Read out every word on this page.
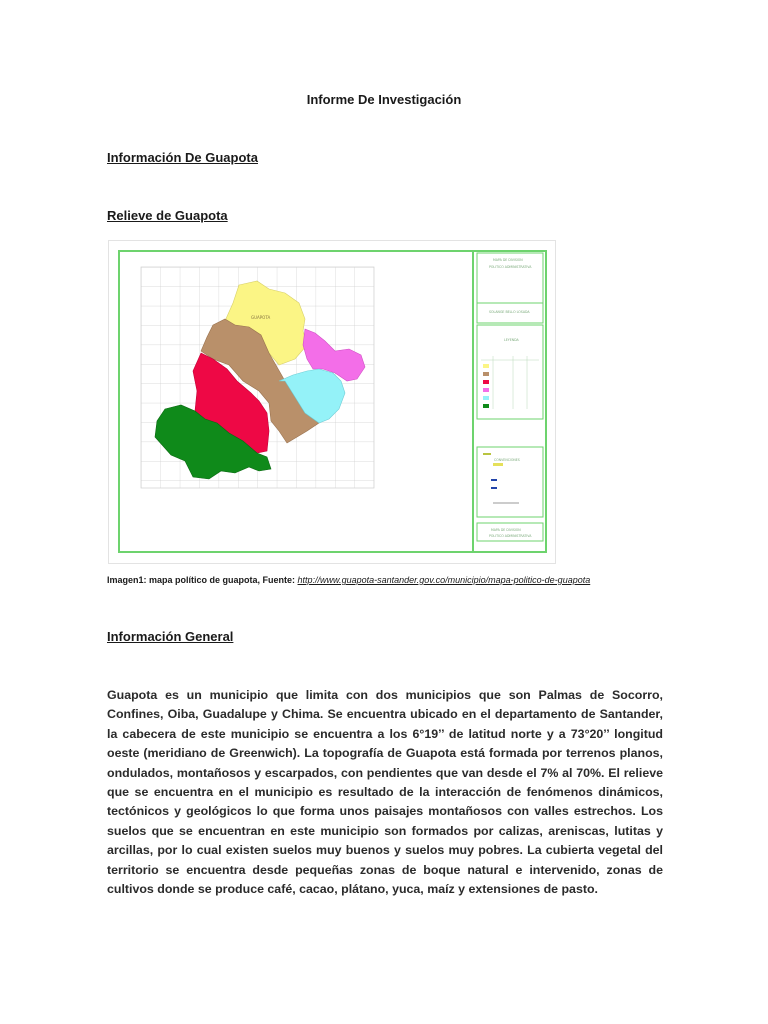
Informe De Investigación
Información De Guapota
Relieve de Guapota
GUAPOTA
MAPA DE DIVISION
POLITICO ADMINISTRATIVA
SOLANGE BELLO LOSADA
LEYENDA
CONVENCIONES
MAPA DE DIVISION
POLITICO ADMINISTRATIVA
Imagen1: mapa político de guapota, Fuente: http://www.guapota-santander.gov.co/municipio/mapa-politico-de-guapota
Información General

Guapota es un municipio que limita con dos municipios que son Palmas de Socorro, Confines, Oiba, Guadalupe y Chima. Se encuentra ubicado en el departamento de Santander, la cabecera de este municipio se encuentra a los 6°19’’ de latitud norte y a 73°20’’ longitud oeste (meridiano de Greenwich). La topografía de Guapota está formada por terrenos planos, ondulados, montañosos y escarpados, con pendientes que van desde el 7% al 70%. El relieve que se encuentra en el municipio es resultado de la interacción de fenómenos dinámicos, tectónicos y geológicos lo que forma unos paisajes montañosos con valles estrechos. Los suelos que se encuentran en este municipio son formados por calizas, areniscas, lutitas y arcillas, por lo cual existen suelos muy buenos y suelos muy pobres. La cubierta vegetal del territorio se encuentra desde pequeñas zonas de boque natural e intervenido, zonas de cultivos donde se produce café, cacao, plátano, yuca, maíz y extensiones de pasto.
